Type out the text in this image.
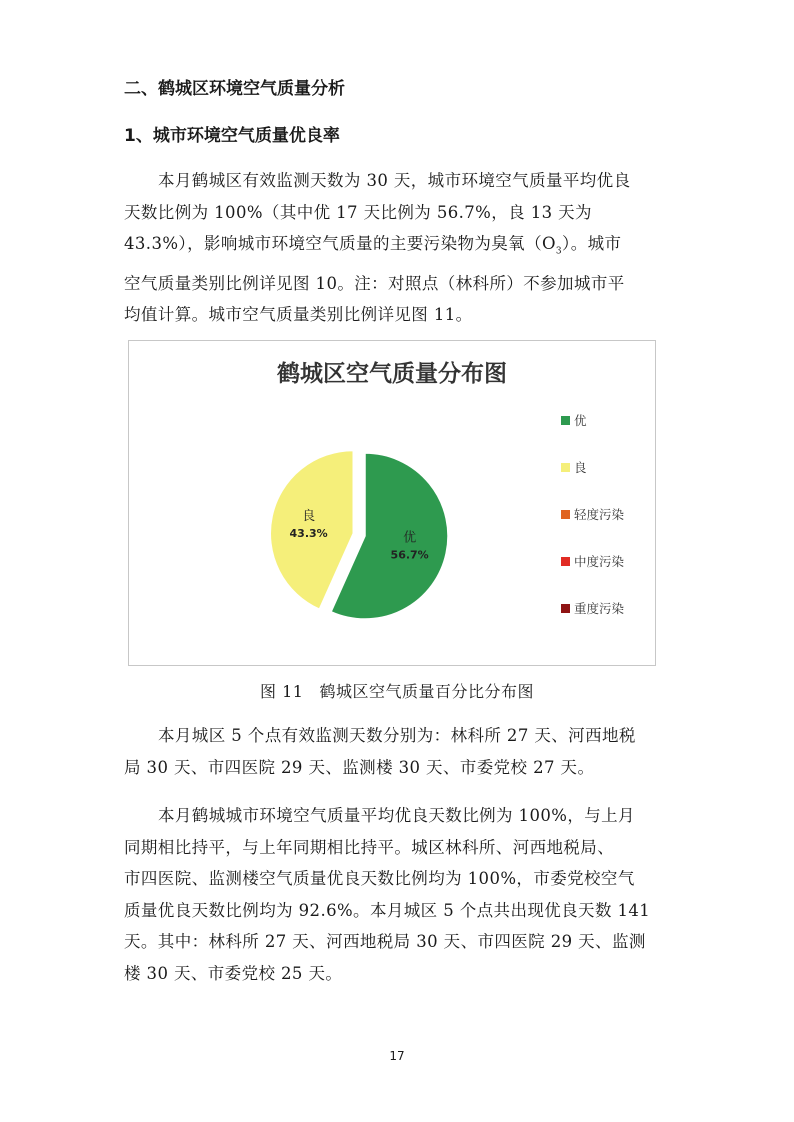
二、鹤城区环境空气质量分析
1、城市环境空气质量优良率

本月鹤城区有效监测天数为 30 天，城市环境空气质量平均优良
天数比例为 100%（其中优 17 天比例为 56.7%，良 13 天为
43.3%），影响城市环境空气质量的主要污染物为臭氧$(O_3)$。城市
空气质量类别比例详见图 10。注：对照点（林科所）不参加城市平
均值计算。城市空气质量类别比例详见图 11。

鹤城区空气质量分布图
优
56.7%
良
43.3%
优
良
轻度污染
中度污染
重度污染
图 11 鹤城区空气质量百分比分布图

本月城区 5 个点有效监测天数分别为：林科所 27 天、河西地税
局 30 天、市四医院 29 天、监测楼 30 天、市委党校 27 天。

本月鹤城城市环境空气质量平均优良天数比例为 100%，与上月
同期相比持平，与上年同期相比持平。城区林科所、河西地税局、
市四医院、监测楼空气质量优良天数比例均为 100%，市委党校空气
质量优良天数比例均为 92.6%。本月城区 5 个点共出现优良天数 141
天。其中：林科所 27 天、河西地税局 30 天、市四医院 29 天、监测
楼 30 天、市委党校 25 天。

17
